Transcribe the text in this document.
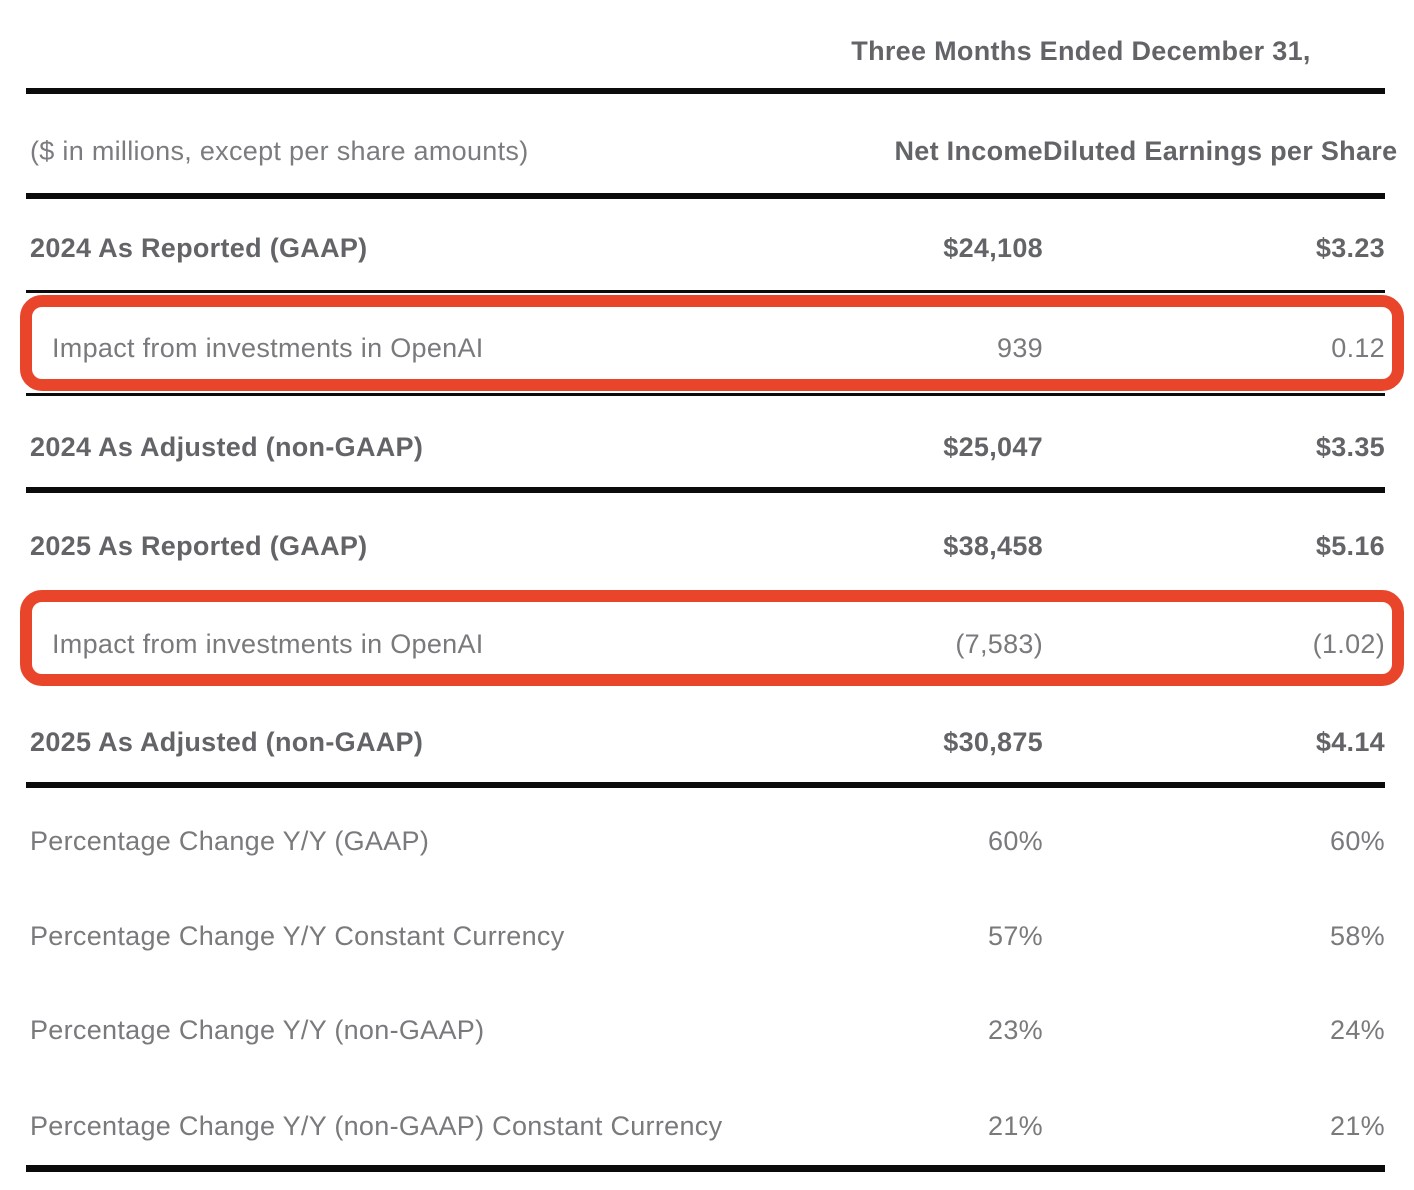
Three Months Ended December 31,
($ in millions, except per share amounts)	Net Income Diluted Earnings per Share
2024 As Reported (GAAP)	$24,108	$3.23
Impact from investments in OpenAI	939	0.12
2024 As Adjusted (non-GAAP)	$25,047	$3.35
2025 As Reported (GAAP)	$38,458	$5.16
Impact from investments in OpenAI	(7,583)	(1.02)
2025 As Adjusted (non-GAAP)	$30,875	$4.14
Percentage Change Y/Y (GAAP)	60%	60%
Percentage Change Y/Y Constant Currency	57%	58%
Percentage Change Y/Y (non-GAAP)	23%	24%
Percentage Change Y/Y (non-GAAP) Constant Currency	21%	21%
